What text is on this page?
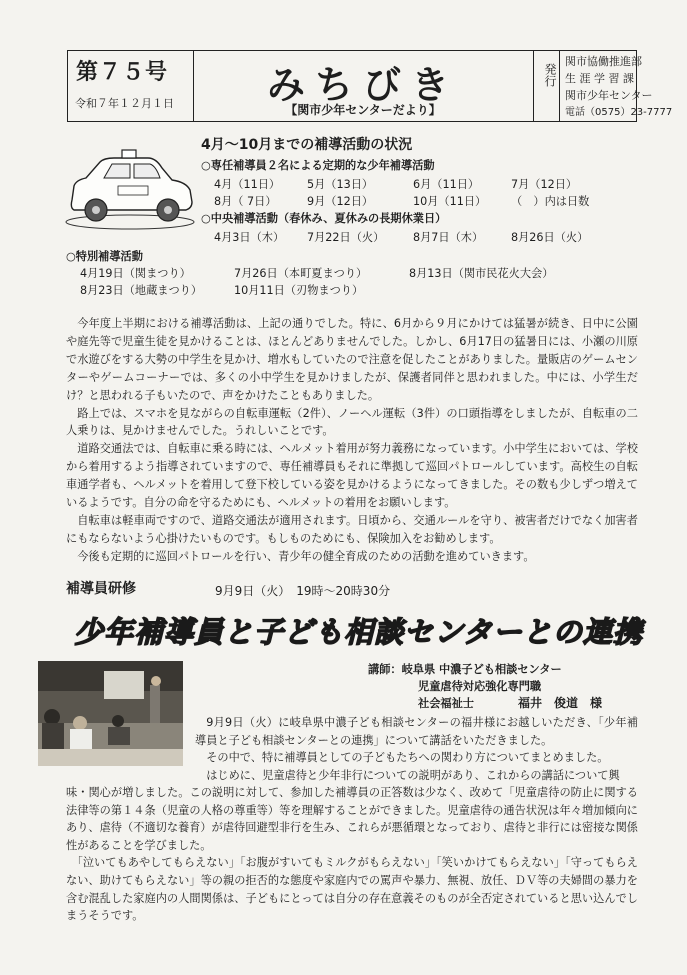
第７５号
令和７年１２月１日	みちびき
【関市少年センターだより】
発行
関市協働推進部
生 涯 学 習 課
関市少年センター
電話（0575）23-7777
4月～10月までの補導活動の状況
○専任補導員２名による定期的な少年補導活動
4月（11日） 5月（13日）	6月（11日）	7月（12日）
8月（ 7日）	9月（12日）	10月（11日） （　）内は日数
○中央補導活動（春休み、夏休みの長期休業日）
4月3日（木） 7月22日（火）	8月7日（木） 8月26日（火）
○特別補導活動
4月19日（関まつり）	7月26日（本町夏まつり）	8月13日（関市民花火大会）
8月23日（地蔵まつり）	10月11日（刃物まつり）

　今年度上半期における補導活動は、上記の通りでした。特に、6月から９月にかけては猛暑が続き、日中に公園や庭先等で児童生徒を見かけることは、ほとんどありませんでした。しかし、6月17日の猛暑日には、小瀬の川原で水遊びをする大勢の中学生を見かけ、増水もしていたので注意を促したことがありました。量販店のゲームセンターやゲームコーナーでは、多くの小中学生を見かけましたが、保護者同伴と思われました。中には、小学生だけ？と思われる子もいたので、声をかけたこともありました。

　路上では、スマホを見ながらの自転車運転（2件）、ノーヘル運転（3件）の口頭指導をしましたが、自転車の二人乗りは、見かけませんでした。うれしいことです。

　道路交通法では、自転車に乗る時には、ヘルメット着用が努力義務になっています。小中学生においては、学校から着用するよう指導されていますので、専任補導員もそれに準拠して巡回パトロールしています。高校生の自転車通学者も、ヘルメットを着用して登下校している姿を見かけるようになってきました。その数も少しずつ増えているようです。自分の命を守るためにも、ヘルメットの着用をお願いします。

　自転車は軽車両ですので、道路交通法が適用されます。日頃から、交通ルールを守り、被害者だけでなく加害者にもならないよう心掛けたいものです。もしものためにも、保険加入をお勧めします。

　今後も定期的に巡回パトロールを行い、青少年の健全育成のための活動を進めていきます。

補導員研修	9月9日（火）　19時～20時30分
少年補導員と子ども相談センターとの連携
講師：岐阜県 中濃子ども相談センター
児童虐待対応強化専門職
社会福祉士	福井　俊道　様

9月9日（火）に岐阜県中濃子ども相談センターの福井様にお越しいただき、「少年補導員と子ども相談センターとの連携」について講話をいただきました。

その中で、特に補導員としての子どもたちへの関わり方についてまとめました。

はじめに、児童虐待と少年非行についての説明があり、これからの講話について興

味・関心が増しました。この説明に対して、参加した補導員の正答数は少なく、改めて「児童虐待の防止に関する法律等の第１４条（児童の人格の尊重等）等を理解することができました。児童虐待の通告状況は年々増加傾向にあり、虐待（不適切な養育）が虐待回避型非行を生み、これらが悪循環となっており、虐待と非行には密接な関係性があることを学びました。

　「泣いてもあやしてもらえない」「お腹がすいてもミルクがもらえない」「笑いかけてもらえない」「守ってもらえない、助けてもらえない」等の親の拒否的な態度や家庭内での罵声や暴力、無視、放任、ＤＶ等の夫婦間の暴力を含む混乱した家庭内の人間関係は、子どもにとっては自分の存在意義そのものが全否定されていると思い込んでしまうそうです。
